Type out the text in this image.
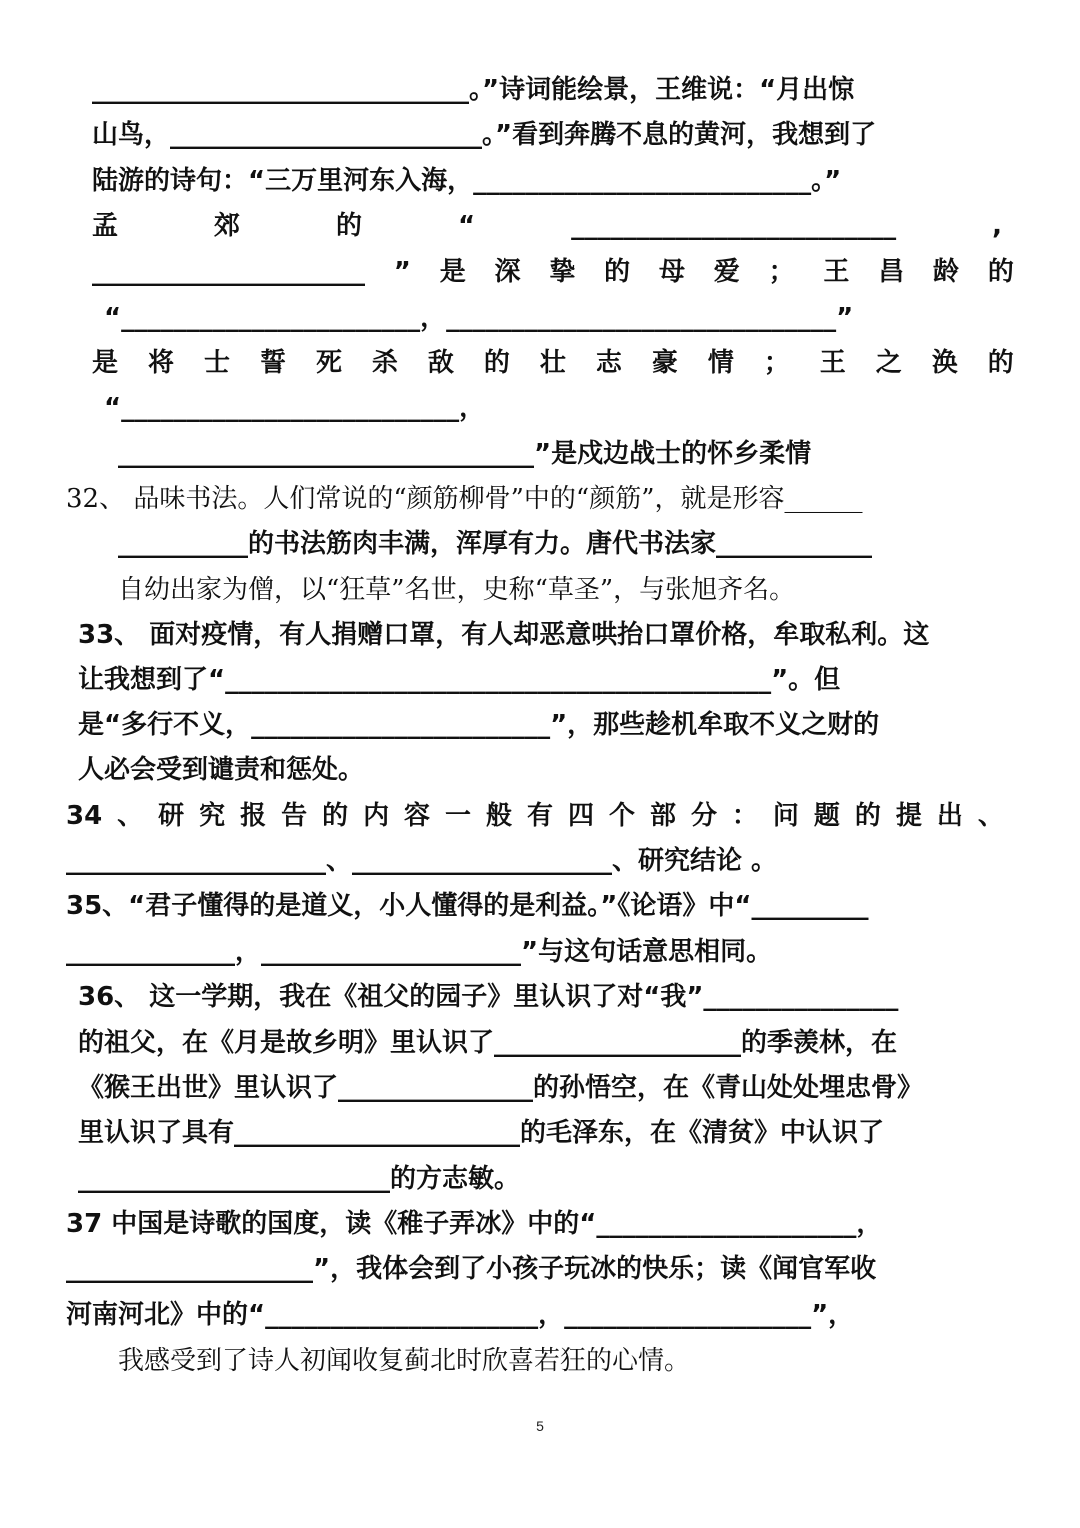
_____________________________。”诗词能绘景，王维说：“月出惊
山鸟，________________________。”看到奔腾不息的黄河，我想到了
陆游的诗句：“三万里河东入海，__________________________。”
孟	郊	的	“	_________________________	,
_____________________ ” 是 深 挚 的 母 爱 ； 王 昌 龄 的
“_______________________，______________________________”
是 将 士 誓 死 杀 敌 的 壮 志 豪 情 ； 王 之 涣 的
“__________________________，
________________________________”是戍边战士的怀乡柔情
32、 品味书法。人们常说的“颜筋柳骨”中的“颜筋”，就是形容______
__________的书法筋肉丰满，浑厚有力。唐代书法家____________
自幼出家为僧，以“狂草”名世，史称“草圣”，与张旭齐名。
33、 面对疫情，有人捐赠口罩，有人却恶意哄抬口罩价格，牟取私利。这
让我想到了“__________________________________________”。但
是“多行不义，_______________________”，那些趁机牟取不义之财的
人必会受到谴责和惩处。
34 、 研 究 报 告 的 内 容 一 般 有 四 个 部 分 ： 问 题 的 提 出 、
____________________、____________________、研究结论 。
35、“君子懂得的是道义，小人懂得的是利益。”《论语》中“_________
_____________，____________________”与这句话意思相同。
36、 这一学期，我在《祖父的园子》里认识了对“我”_______________
的祖父，在《月是故乡明》里认识了___________________的季羡林，在
《猴王出世》里认识了_______________的孙悟空，在《青山处处埋忠骨》
里认识了具有______________________的毛泽东，在《清贫》中认识了
________________________的方志敏。
37 中国是诗歌的国度，读《稚子弄冰》中的“____________________，
___________________”，我体会到了小孩子玩冰的快乐；读《闻官军收
河南河北》中的“_____________________，___________________”，
我感受到了诗人初闻收复蓟北时欣喜若狂的心情。
5
